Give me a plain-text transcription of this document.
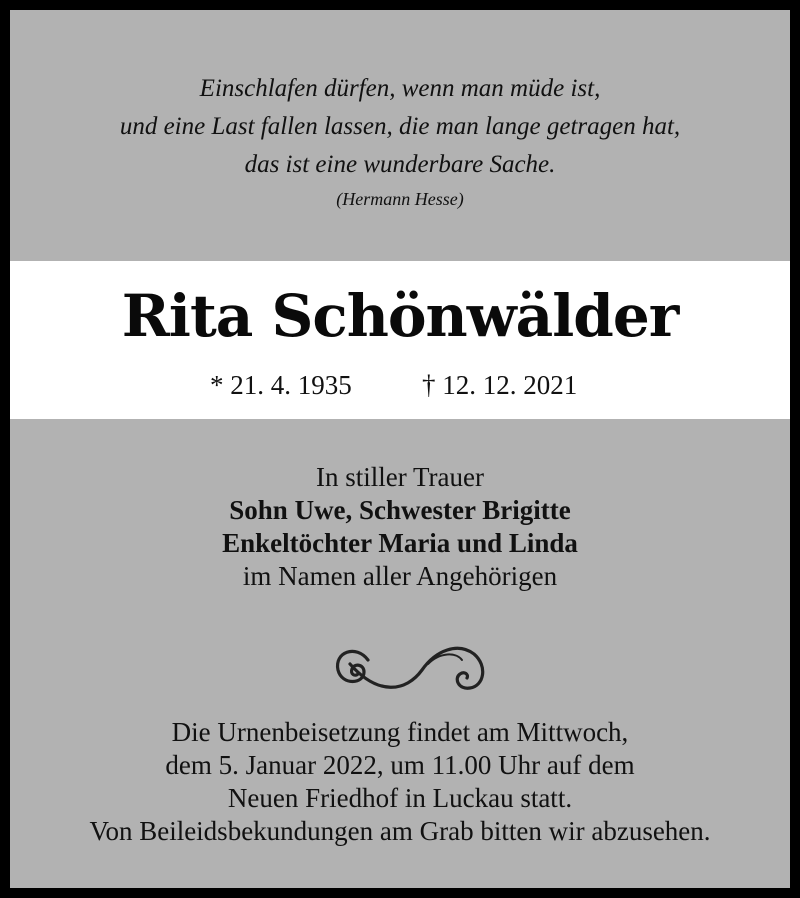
Einschlafen dürfen, wenn man müde ist,
und eine Last fallen lassen, die man lange getragen hat,
das ist eine wunderbare Sache.
(Hermann Hesse)
Rita Schönwälder
* 21. 4. 1935	† 12. 12. 2021
In stiller Trauer
Sohn Uwe, Schwester Brigitte
Enkeltöchter Maria und Linda
im Namen aller Angehörigen
Die Urnenbeisetzung findet am Mittwoch,
dem 5. Januar 2022, um 11.00 Uhr auf dem
Neuen Friedhof in Luckau statt.
Von Beileidsbekundungen am Grab bitten wir abzusehen.
